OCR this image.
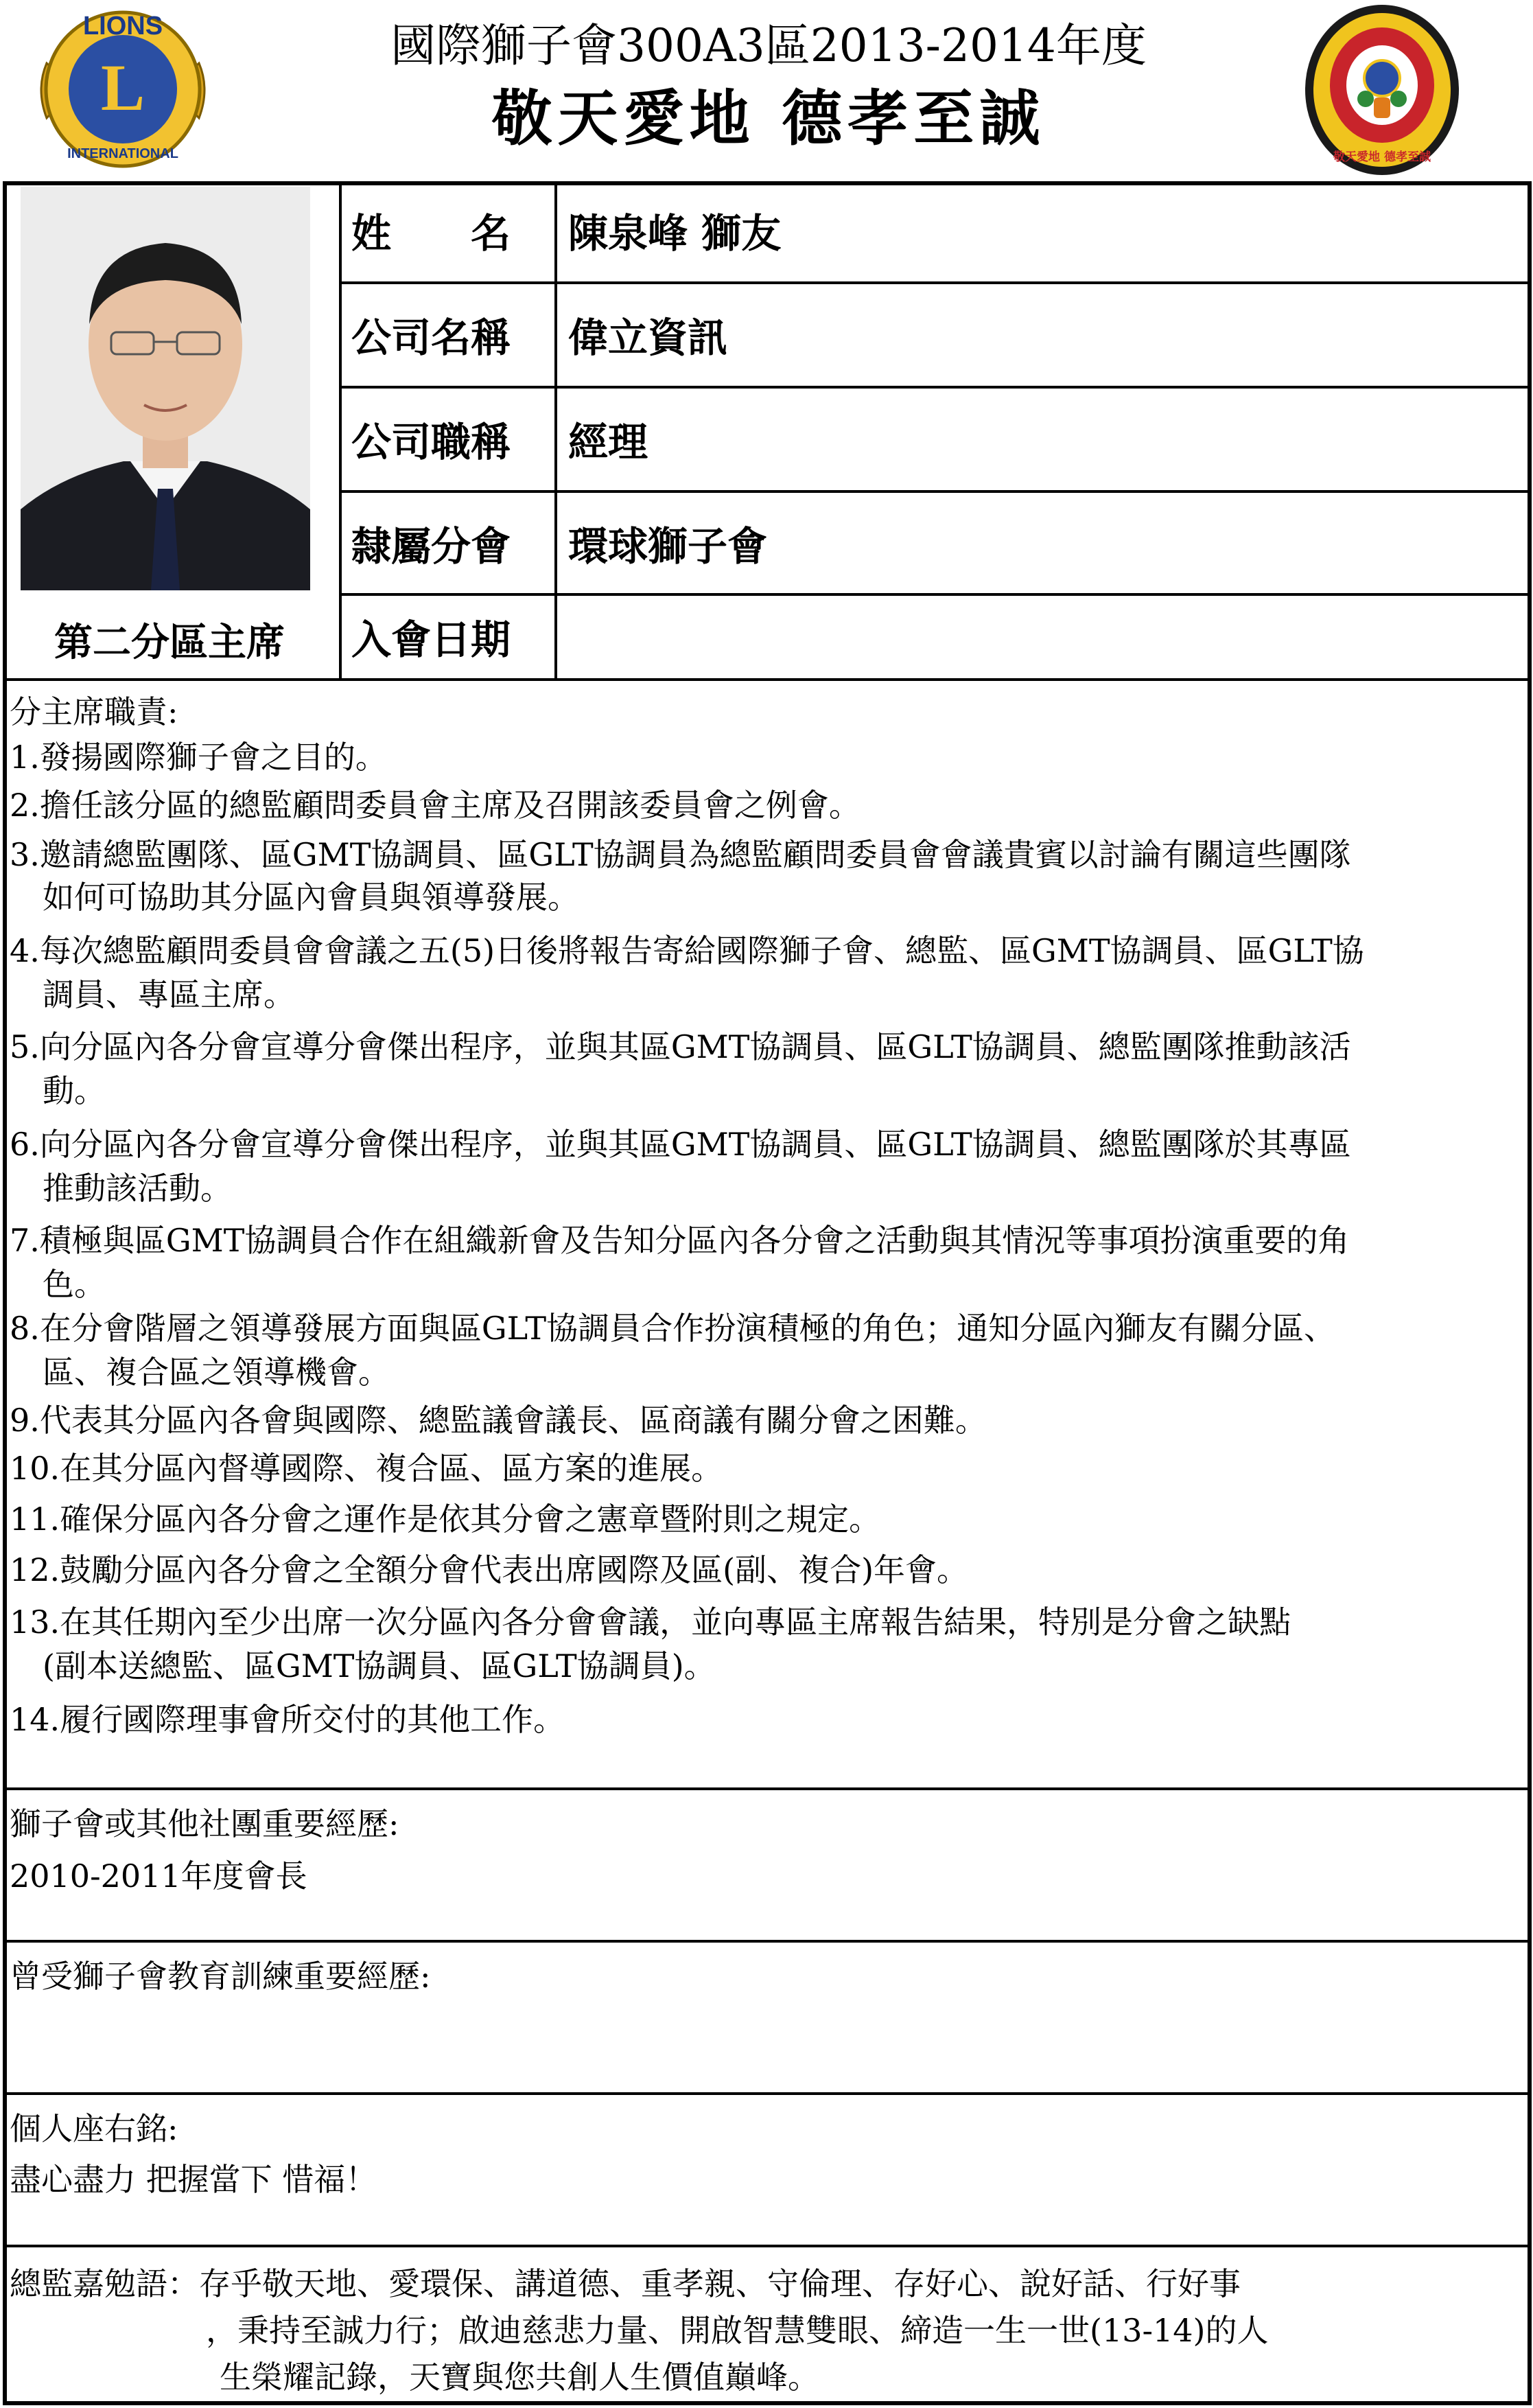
LIONS
INTERNATIONAL
L
國際獅子會300A3區2013-2014年度
敬天愛地 德孝至誠
敬天愛地 德孝至誠
第二分區主席
姓　　名	陳泉峰 獅友
公司名稱	偉立資訊
公司職稱	經理
隸屬分會	環球獅子會
入會日期
分主席職責:
1.發揚國際獅子會之目的。
2.擔任該分區的總監顧問委員會主席及召開該委員會之例會。
3.邀請總監團隊、區GMT協調員、區GLT協調員為總監顧問委員會會議貴賓以討論有關這些團隊
如何可協助其分區內會員與領導發展。
4.每次總監顧問委員會會議之五(5)日後將報告寄給國際獅子會、總監、區GMT協調員、區GLT協
調員、專區主席。
5.向分區內各分會宣導分會傑出程序，並與其區GMT協調員、區GLT協調員、總監團隊推動該活
動。
6.向分區內各分會宣導分會傑出程序，並與其區GMT協調員、區GLT協調員、總監團隊於其專區
推動該活動。
7.積極與區GMT協調員合作在組織新會及告知分區內各分會之活動與其情況等事項扮演重要的角
色。
8.在分會階層之領導發展方面與區GLT協調員合作扮演積極的角色；通知分區內獅友有關分區、
區、複合區之領導機會。
9.代表其分區內各會與國際、總監議會議長、區商議有關分會之困難。
10.在其分區內督導國際、複合區、區方案的進展。
11.確保分區內各分會之運作是依其分會之憲章暨附則之規定。
12.鼓勵分區內各分會之全額分會代表出席國際及區(副、複合)年會。
13.在其任期內至少出席一次分區內各分會會議，並向專區主席報告結果，特別是分會之缺點
(副本送總監、區GMT協調員、區GLT協調員)。
14.履行國際理事會所交付的其他工作。
獅子會或其他社團重要經歷:
2010-2011年度會長
曾受獅子會教育訓練重要經歷:
個人座右銘:
盡心盡力 把握當下 惜福！
總監嘉勉語：存乎敬天地、愛環保、講道德、重孝親、守倫理、存好心、說好話、行好事
，秉持至誠力行；啟迪慈悲力量、開啟智慧雙眼、締造一生一世(13-14)的人
生榮耀記錄，天寶與您共創人生價值巔峰。
